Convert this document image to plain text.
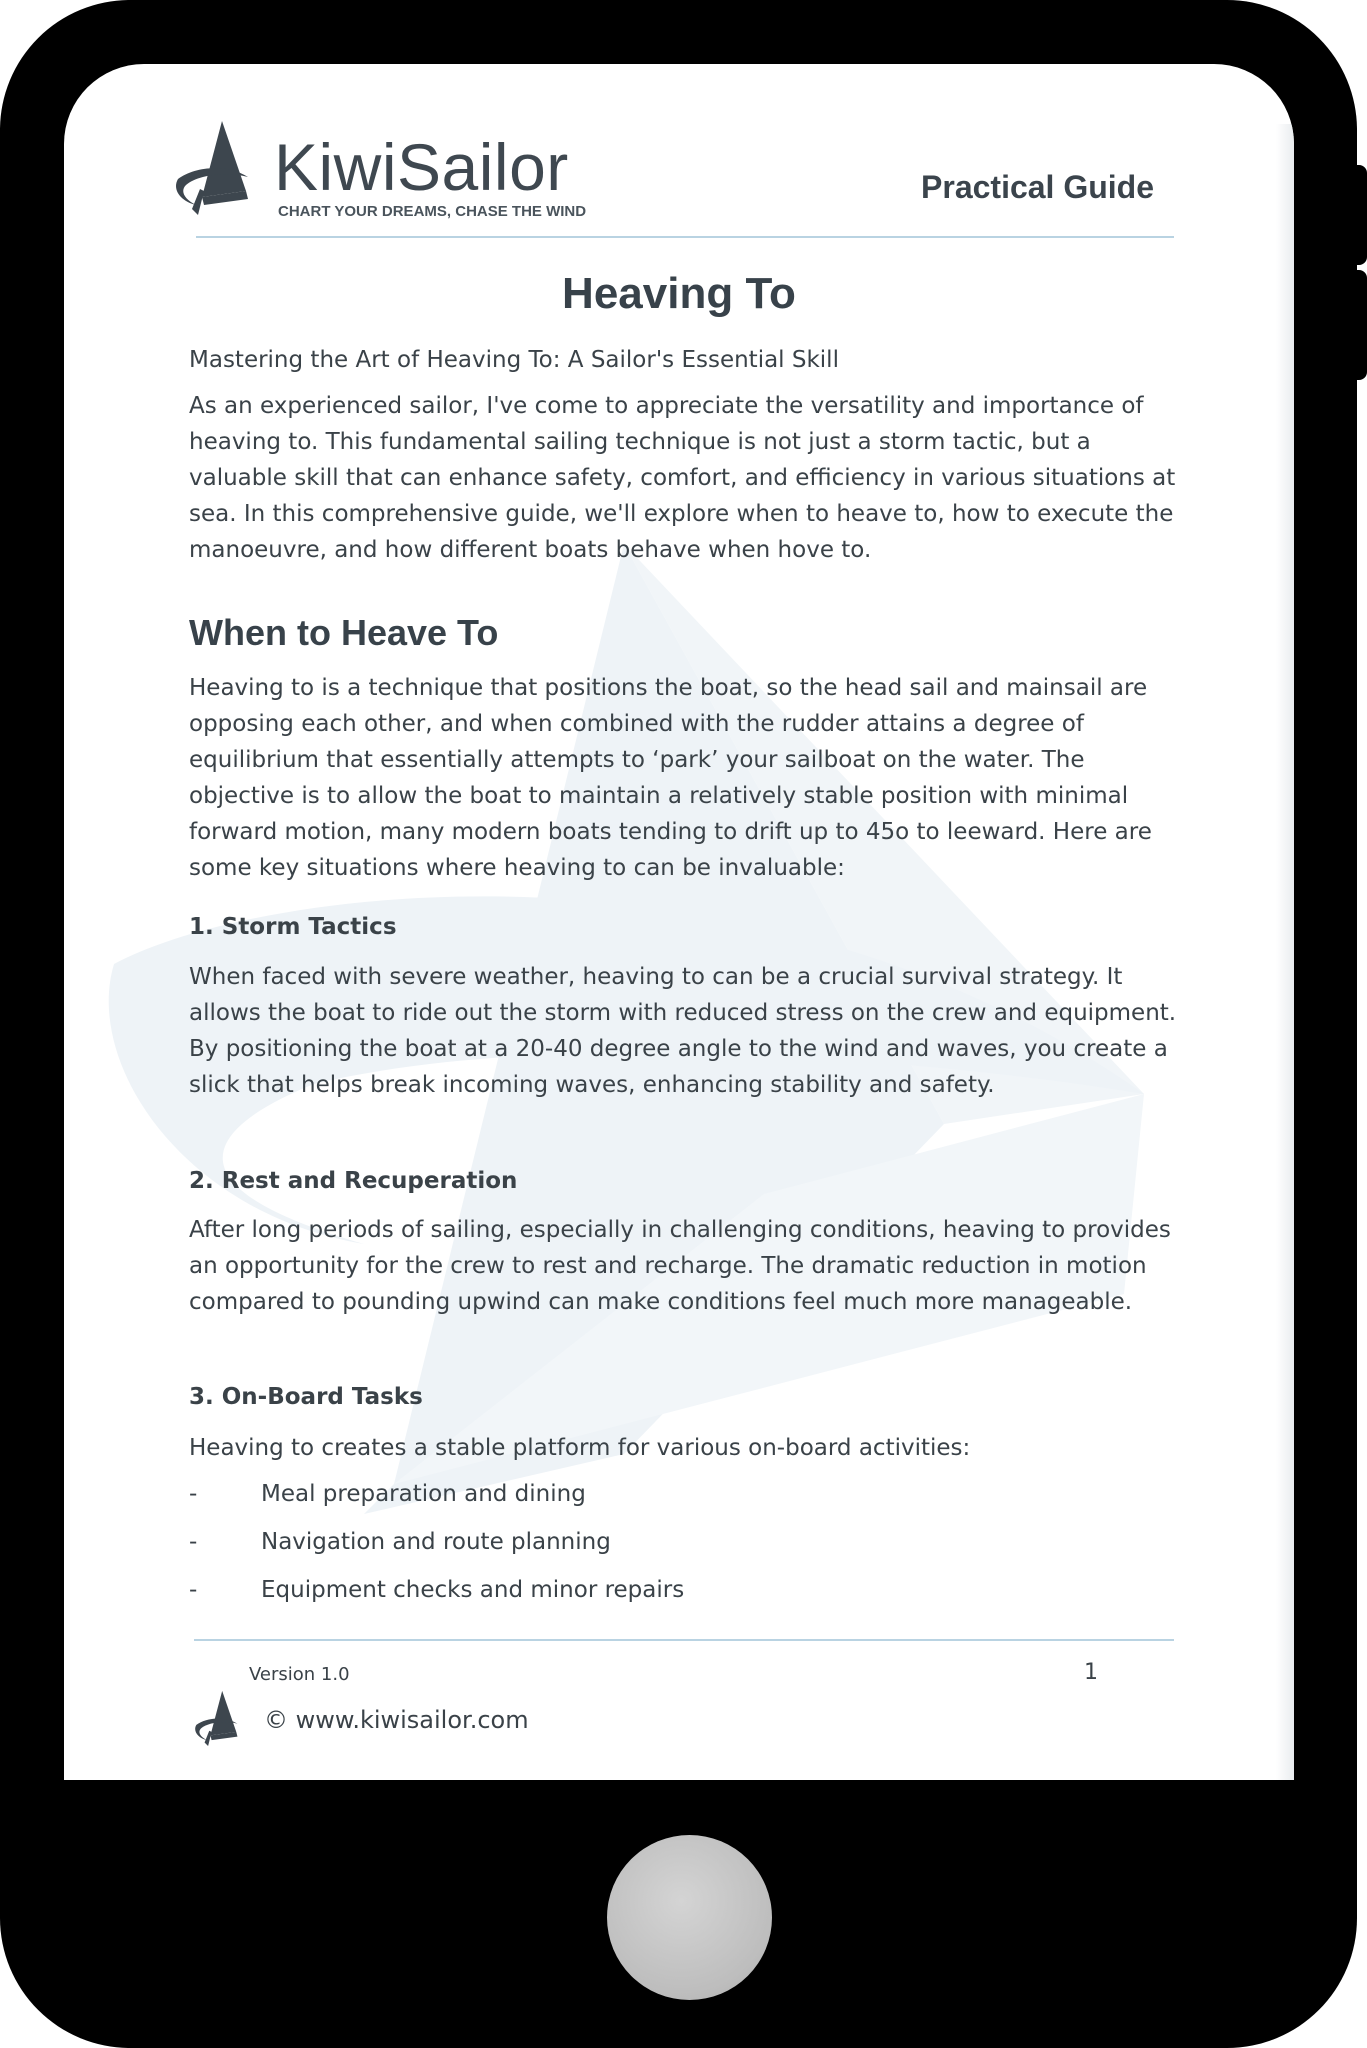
KiwiSailor
CHART YOUR DREAMS, CHASE THE WIND
Practical Guide
Heaving To
Mastering the Art of Heaving To: A Sailor's Essential Skill
As an experienced sailor, I've come to appreciate the versatility and importance of heaving to. This fundamental sailing technique is not just a storm tactic, but a valuable skill that can enhance safety, comfort, and efficiency in various situations at sea. In this comprehensive guide, we'll explore when to heave to, how to execute the manoeuvre, and how different boats behave when hove to.
When to Heave To
Heaving to is a technique that positions the boat, so the head sail and mainsail are opposing each other, and when combined with the rudder attains a degree of equilibrium that essentially attempts to ‘park’ your sailboat on the water. The objective is to allow the boat to maintain a relatively stable position with minimal forward motion, many modern boats tending to drift up to 45o to leeward. Here are some key situations where heaving to can be invaluable:
1. Storm Tactics
When faced with severe weather, heaving to can be a crucial survival strategy. It allows the boat to ride out the storm with reduced stress on the crew and equipment. By positioning the boat at a 20-40 degree angle to the wind and waves, you create a slick that helps break incoming waves, enhancing stability and safety.
2. Rest and Recuperation
After long periods of sailing, especially in challenging conditions, heaving to provides an opportunity for the crew to rest and recharge. The dramatic reduction in motion compared to pounding upwind can make conditions feel much more manageable.
3. On-Board Tasks
Heaving to creates a stable platform for various on-board activities:
-	Meal preparation and dining
-	Navigation and route planning
-	Equipment checks and minor repairs
Version 1.0	1
© www.kiwisailor.com
